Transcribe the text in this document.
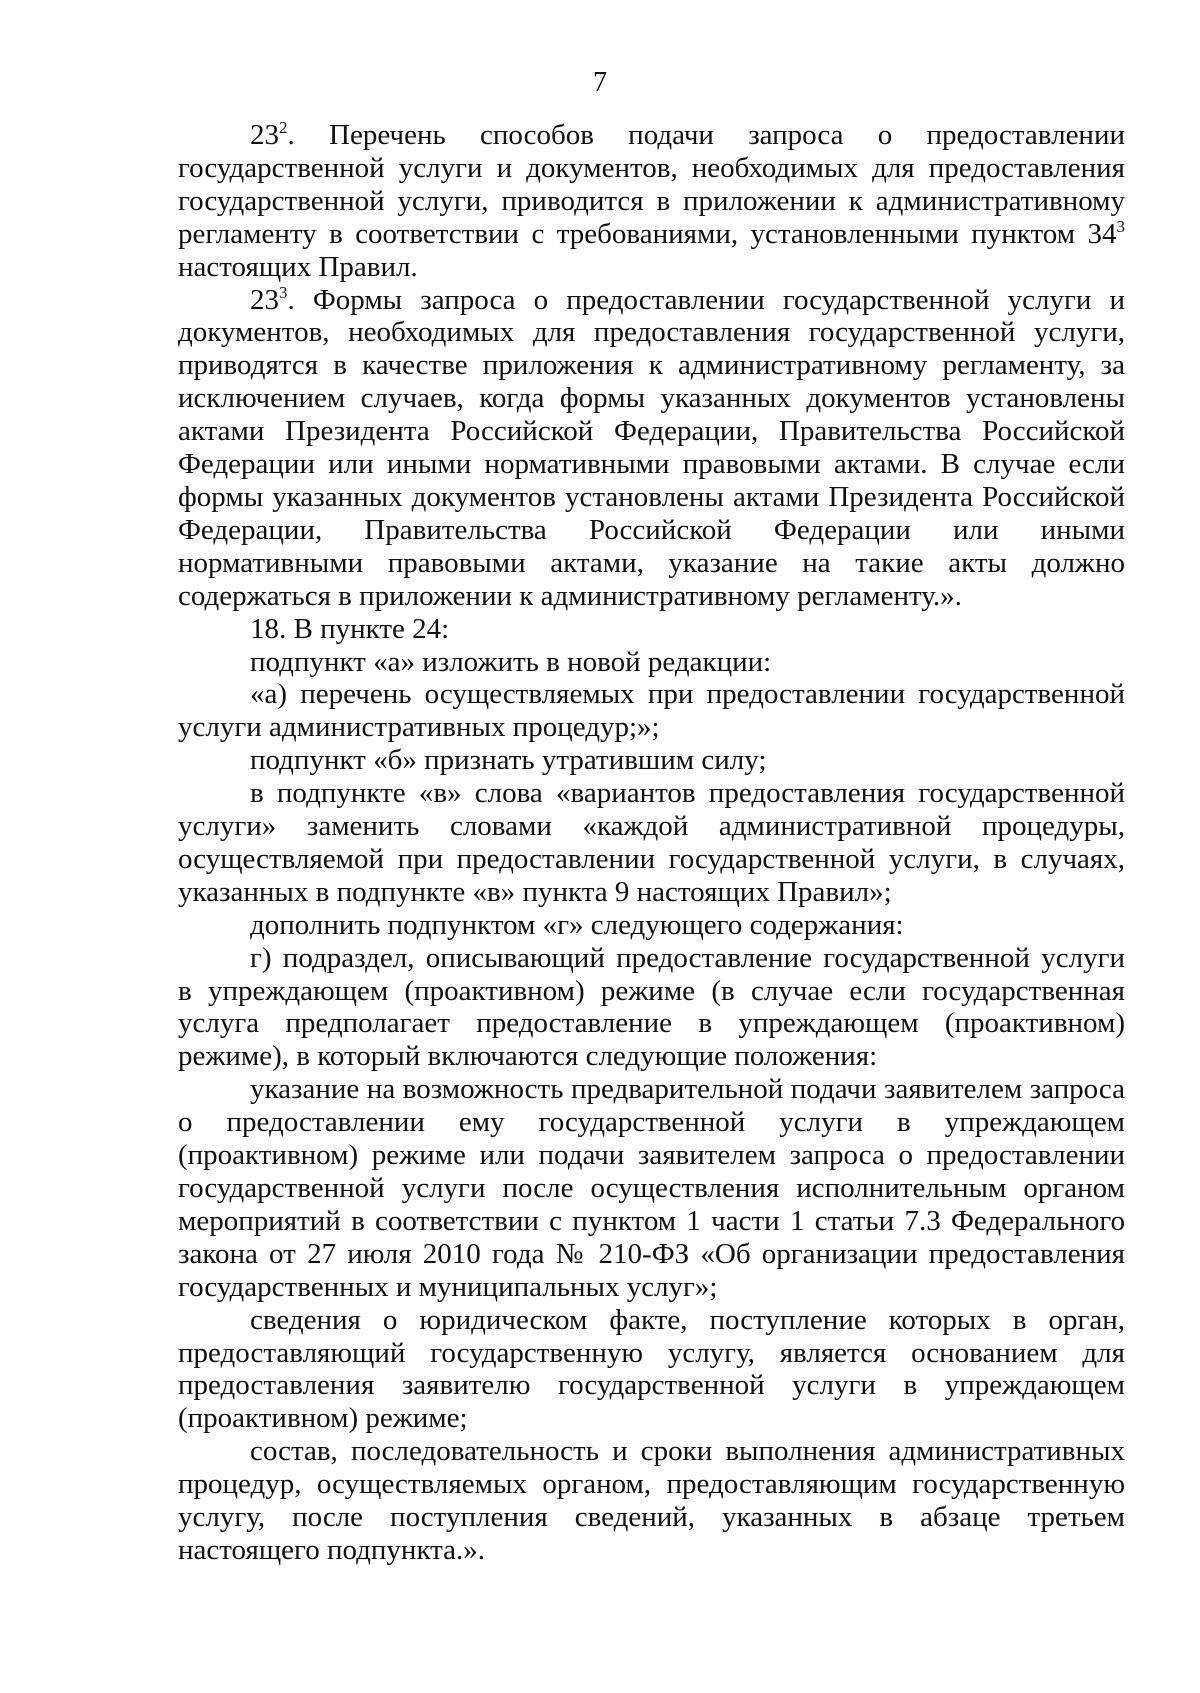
7

$23^2$. Перечень способов подачи запроса о предоставлении государственной услуги и документов, необходимых для предоставления государственной услуги, приводится в приложении к административному регламенту в соответствии с требованиями, установленными пунктом $34^3$ настоящих Правил.

$23^3$. Формы запроса о предоставлении государственной услуги и документов, необходимых для предоставления государственной услуги, приводятся в качестве приложения к административному регламенту, за исключением случаев, когда формы указанных документов установлены актами Президента Российской Федерации, Правительства Российской Федерации или иными нормативными правовыми актами. В случае если формы указанных документов установлены актами Президента Российской Федерации, Правительства Российской Федерации или иными нормативными правовыми актами, указание на такие акты должно содержаться в приложении к административному регламенту.».

18. В пункте 24:

подпункт «а» изложить в новой редакции:

«а) перечень осуществляемых при предоставлении государственной услуги административных процедур;»;

подпункт «б» признать утратившим силу;

в подпункте «в» слова «вариантов предоставления государственной услуги» заменить словами «каждой административной процедуры, осуществляемой при предоставлении государственной услуги, в случаях, указанных в подпункте «в» пункта 9 настоящих Правил»;

дополнить подпунктом «г» следующего содержания:

г) подраздел, описывающий предоставление государственной услуги в упреждающем (проактивном) режиме (в случае если государственная услуга предполагает предоставление в упреждающем (проактивном) режиме), в который включаются следующие положения:

указание на возможность предварительной подачи заявителем запроса о предоставлении ему государственной услуги в упреждающем (проактивном) режиме или подачи заявителем запроса о предоставлении государственной услуги после осуществления исполнительным органом мероприятий в соответствии с пунктом 1 части 1 статьи 7.3 Федерального закона от 27 июля 2010 года № 210-ФЗ «Об организации предоставления государственных и муниципальных услуг»;

сведения о юридическом факте, поступление которых в орган, предоставляющий государственную услугу, является основанием для предоставления заявителю государственной услуги в упреждающем (проактивном) режиме;

состав, последовательность и сроки выполнения административных процедур, осуществляемых органом, предоставляющим государственную услугу, после поступления сведений, указанных в абзаце третьем настоящего подпункта.».
